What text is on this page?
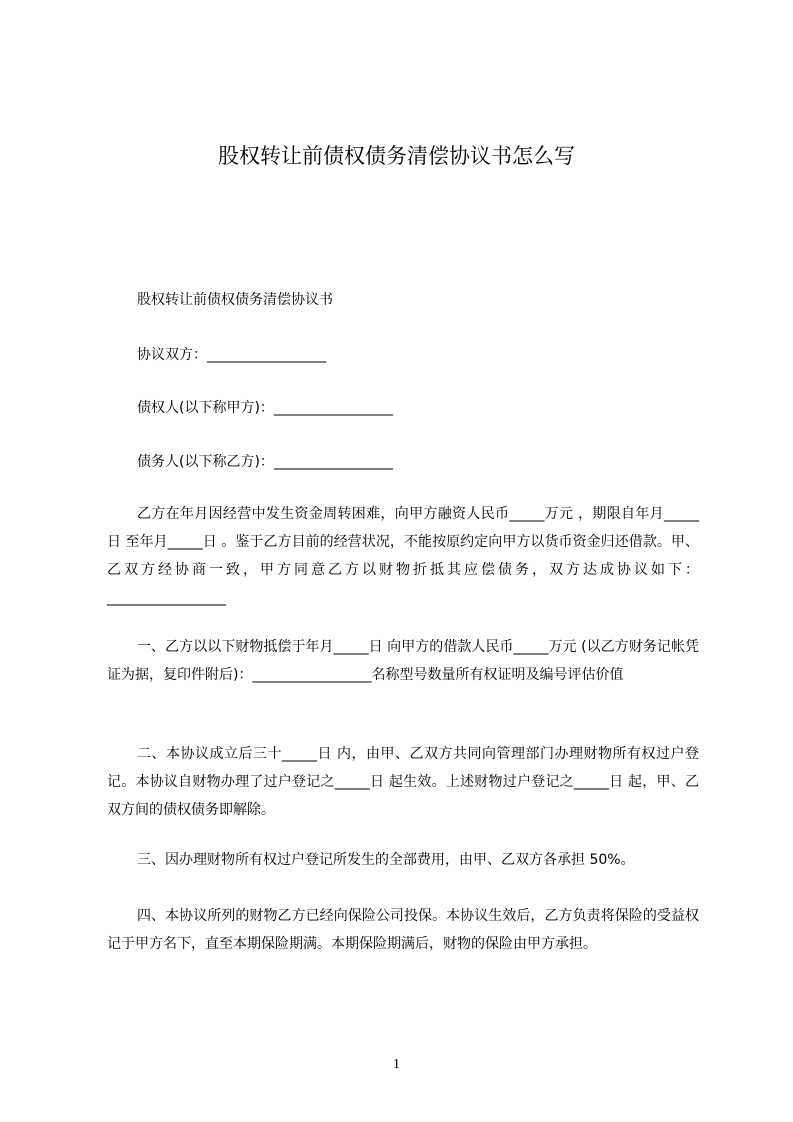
股权转让前债权债务清偿协议书怎么写

股权转让前债权债务清偿协议书

协议双方：_________________

债权人(以下称甲方)：_________________

债务人(以下称乙方)：_________________

乙方在年月因经营中发生资金周转困难，向甲方融资人民币_____万元 ，期限自年月_____日 至年月_____日 。鉴于乙方目前的经营状况，不能按原约定向甲方以货币资金归还借款。甲、乙双方经协商一致，甲方同意乙方以财物折抵其应偿债务，双方达成协议如下：_________________

一、乙方以以下财物抵偿于年月_____日 向甲方的借款人民币_____万元 (以乙方财务记帐凭证为据，复印件附后)：_________________名称型号数量所有权证明及编号评估价值

二、本协议成立后三十_____日 内，由甲、乙双方共同向管理部门办理财物所有权过户登记。本协议自财物办理了过户登记之_____日 起生效。上述财物过户登记之_____日 起，甲、乙双方间的债权债务即解除。

三、因办理财物所有权过户登记所发生的全部费用，由甲、乙双方各承担 50%。

四、本协议所列的财物乙方已经向保险公司投保。本协议生效后，乙方负责将保险的受益权记于甲方名下，直至本期保险期满。本期保险期满后，财物的保险由甲方承担。

1
